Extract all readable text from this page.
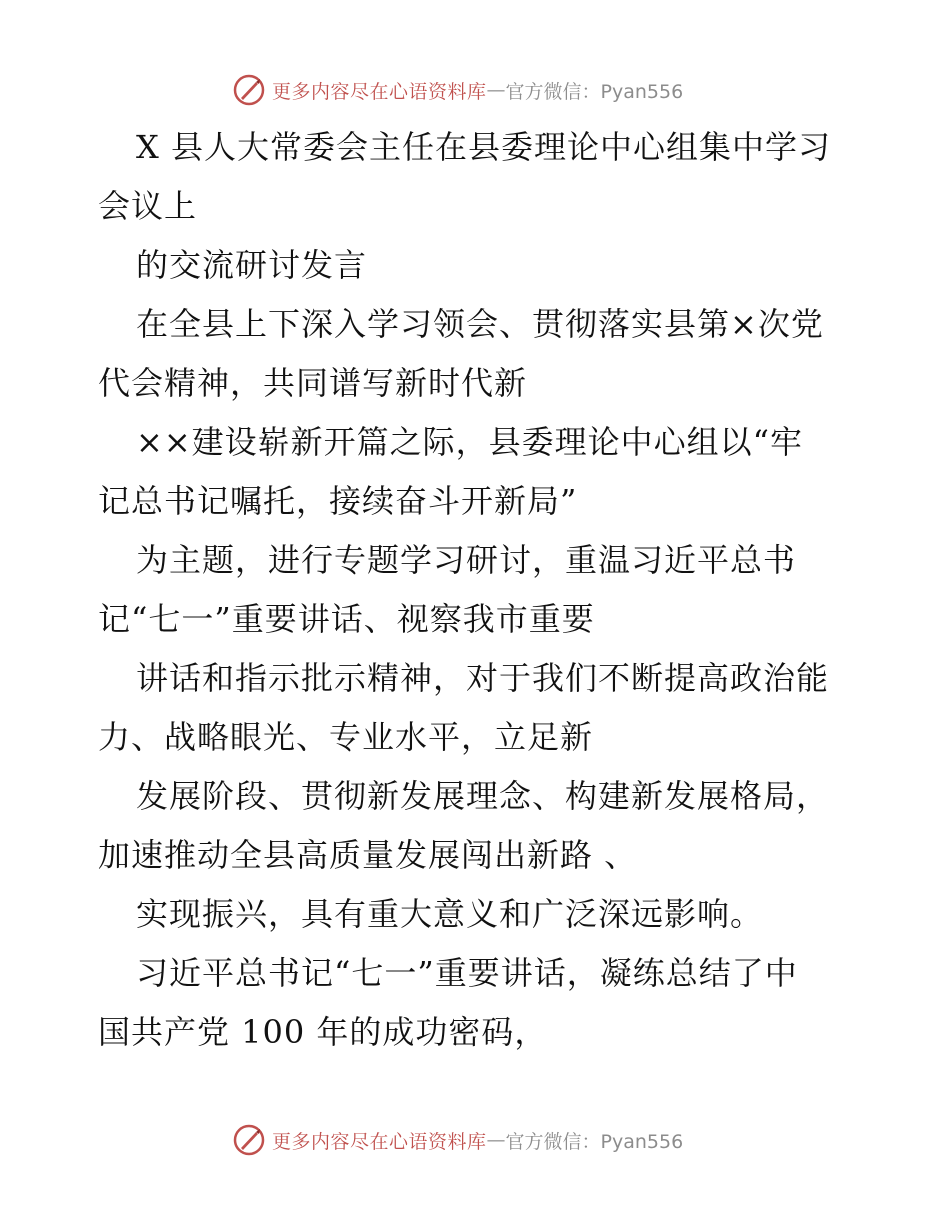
更多内容尽在心语资料库 — 官方微信：Pyan556
X 县人大常委会主任在县委理论中心组集中学习
会议上
的交流研讨发言
在全县上下深入学习领会、贯彻落实县第×次党
代会精神，共同谱写新时代新
××建设崭新开篇之际，县委理论中心组以“牢
记总书记嘱托，接续奋斗开新局”
为主题，进行专题学习研讨，重温习近平总书
记“七一”重要讲话、视察我市重要
讲话和指示批示精神，对于我们不断提高政治能
力、战略眼光、专业水平，立足新
发展阶段、贯彻新发展理念、构建新发展格局，
加速推动全县高质量发展闯出新路 、
实现振兴，具有重大意义和广泛深远影响。
习近平总书记“七一”重要讲话，凝练总结了中
国共产党 100 年的成功密码，
更多内容尽在心语资料库 — 官方微信：Pyan556
